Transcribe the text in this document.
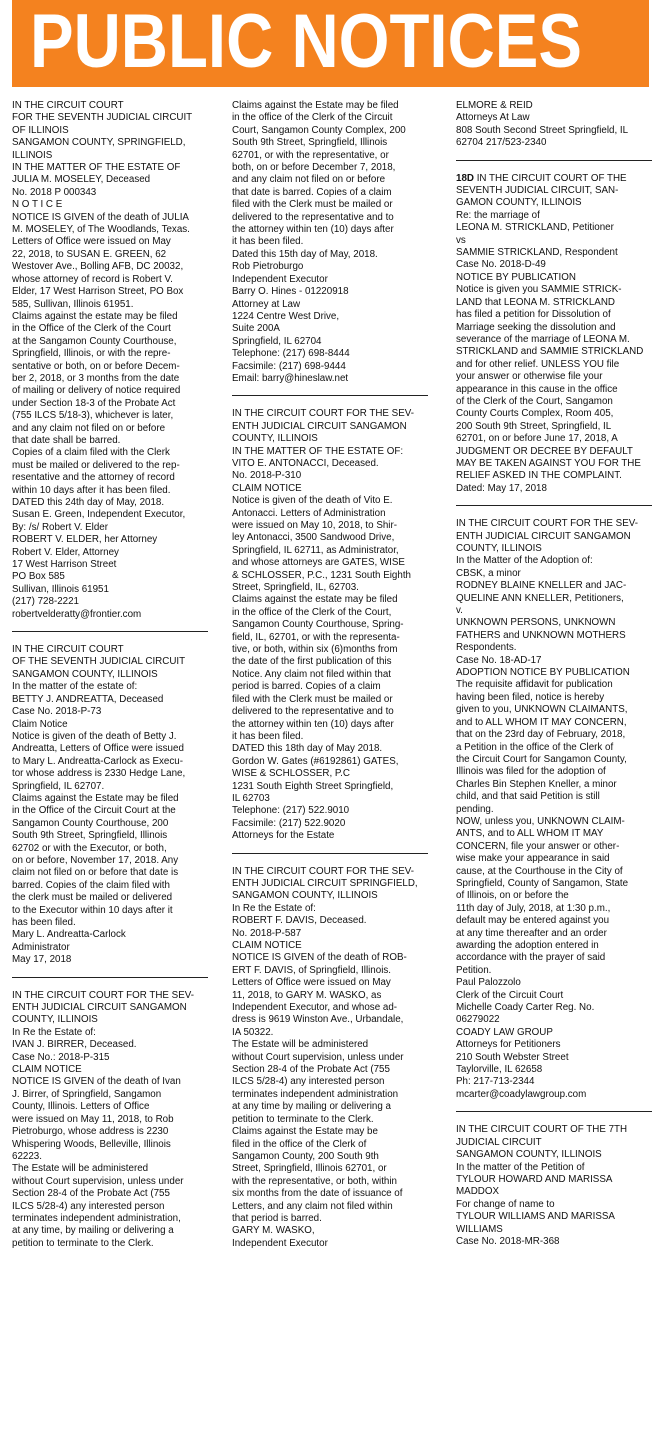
PUBLIC NOTICES
IN THE CIRCUIT COURT
FOR THE SEVENTH JUDICIAL CIRCUIT
OF ILLINOIS
SANGAMON COUNTY, SPRINGFIELD,
ILLINOIS
IN THE MATTER OF THE ESTATE OF
JULIA M. MOSELEY, Deceased
No. 2018 P 000343
N O T I C E
NOTICE IS GIVEN of the death of JULIA
M. MOSELEY, of The Woodlands, Texas.
Letters of Office were issued on May
22, 2018, to SUSAN E. GREEN, 62
Westover Ave., Bolling AFB, DC 20032,
whose attorney of record is Robert V.
Elder, 17 West Harrison Street, PO Box
585, Sullivan, Illinois 61951.
Claims against the estate may be filed
in the Office of the Clerk of the Court
at the Sangamon County Courthouse,
Springfield, Illinois, or with the repre-
sentative or both, on or before Decem-
ber 2, 2018, or 3 months from the date
of mailing or delivery of notice required
under Section 18-3 of the Probate Act
(755 ILCS 5/18-3), whichever is later,
and any claim not filed on or before
that date shall be barred.
Copies of a claim filed with the Clerk
must be mailed or delivered to the rep-
resentative and the attorney of record
within 10 days after it has been filed.
DATED this 24th day of May, 2018.
Susan E. Green, Independent Executor,
By: /s/ Robert V. Elder
ROBERT V. ELDER, her Attorney
Robert V. Elder, Attorney
17 West Harrison Street
PO Box 585
Sullivan, Illinois 61951
(217) 728-2221
robertvelderatty@frontier.com
IN THE CIRCUIT COURT
OF THE SEVENTH JUDICIAL CIRCUIT
SANGAMON COUNTY, ILLINOIS
In the matter of the estate of:
BETTY J. ANDREATTA, Deceased
Case No. 2018-P-73
Claim Notice
Notice is given of the death of Betty J.
Andreatta, Letters of Office were issued
to Mary L. Andreatta-Carlock as Execu-
tor whose address is 2330 Hedge Lane,
Springfield, IL 62707.
Claims against the Estate may be filed
in the Office of the Circuit Court at the
Sangamon County Courthouse, 200
South 9th Street, Springfield, Illinois
62702 or with the Executor, or both,
on or before, November 17, 2018. Any
claim not filed on or before that date is
barred. Copies of the claim filed with
the clerk must be mailed or delivered
to the Executor within 10 days after it
has been filed.
Mary L. Andreatta-Carlock
Administrator
May 17, 2018
IN THE CIRCUIT COURT FOR THE SEV-
ENTH JUDICIAL CIRCUIT SANGAMON
COUNTY, ILLINOIS
In Re the Estate of:
IVAN J. BIRRER, Deceased.
Case No.: 2018-P-315
CLAIM NOTICE
NOTICE IS GIVEN of the death of Ivan
J. Birrer, of Springfield, Sangamon
County, Illinois. Letters of Office
were issued on May 11, 2018, to Rob
Pietroburgo, whose address is 2230
Whispering Woods, Belleville, Illinois
62223.
The Estate will be administered
without Court supervision, unless under
Section 28-4 of the Probate Act (755
ILCS 5/28-4) any interested person
terminates independent administration,
at any time, by mailing or delivering a
petition to terminate to the Clerk.
Claims against the Estate may be filed
in the office of the Clerk of the Circuit
Court, Sangamon County Complex, 200
South 9th Street, Springfield, Illinois
62701, or with the representative, or
both, on or before December 7, 2018,
and any claim not filed on or before
that date is barred. Copies of a claim
filed with the Clerk must be mailed or
delivered to the representative and to
the attorney within ten (10) days after
it has been filed.
Dated this 15th day of May, 2018.
Rob Pietroburgo
Independent Executor
Barry O. Hines - 01220918
Attorney at Law
1224 Centre West Drive,
Suite 200A
Springfield, IL 62704
Telephone: (217) 698-8444
Facsimile: (217) 698-9444
Email: barry@hineslaw.net
IN THE CIRCUIT COURT FOR THE SEV-
ENTH JUDICIAL CIRCUIT SANGAMON
COUNTY, ILLINOIS
IN THE MATTER OF THE ESTATE OF:
VITO E. ANTONACCI, Deceased.
No. 2018-P-310
CLAIM NOTICE
Notice is given of the death of Vito E.
Antonacci. Letters of Administration
were issued on May 10, 2018, to Shir-
ley Antonacci, 3500 Sandwood Drive,
Springfield, IL 62711, as Administrator,
and whose attorneys are GATES, WISE
& SCHLOSSER, P.C., 1231 South Eighth
Street, Springfield, IL, 62703.
Claims against the estate may be filed
in the office of the Clerk of the Court,
Sangamon County Courthouse, Spring-
field, IL, 62701, or with the representa-
tive, or both, within six (6)months from
the date of the first publication of this
Notice. Any claim not filed within that
period is barred. Copies of a claim
filed with the Clerk must be mailed or
delivered to the representative and to
the attorney within ten (10) days after
it has been filed.
DATED this 18th day of May 2018.
Gordon W. Gates (#6192861) GATES,
WISE & SCHLOSSER, P.C
1231 South Eighth Street Springfield,
IL 62703
Telephone: (217) 522.9010
Facsimile: (217) 522.9020
Attorneys for the Estate
IN THE CIRCUIT COURT FOR THE SEV-
ENTH JUDICIAL CIRCUIT SPRINGFIELD,
SANGAMON COUNTY, ILLINOIS
In Re the Estate of:
ROBERT F. DAVIS, Deceased.
No. 2018-P-587
CLAIM NOTICE
NOTICE IS GIVEN of the death of ROB-
ERT F. DAVIS, of Springfield, Illinois.
Letters of Office were issued on May
11, 2018, to GARY M. WASKO, as
Independent Executor, and whose ad-
dress is 9619 Winston Ave., Urbandale,
IA 50322.
The Estate will be administered
without Court supervision, unless under
Section 28-4 of the Probate Act (755
ILCS 5/28-4) any interested person
terminates independent administration
at any time by mailing or delivering a
petition to terminate to the Clerk.
Claims against the Estate may be
filed in the office of the Clerk of
Sangamon County, 200 South 9th
Street, Springfield, Illinois 62701, or
with the representative, or both, within
six months from the date of issuance of
Letters, and any claim not filed within
that period is barred.
GARY M. WASKO,
Independent Executor
ELMORE & REID
Attorneys At Law
808 South Second Street Springfield, IL
62704 217/523-2340
18D IN THE CIRCUIT COURT OF THE
SEVENTH JUDICIAL CIRCUIT, SAN-
GAMON COUNTY, ILLINOIS
Re: the marriage of
LEONA M. STRICKLAND, Petitioner
vs
SAMMIE STRICKLAND, Respondent
Case No. 2018-D-49
NOTICE BY PUBLICATION
Notice is given you SAMMIE STRICK-
LAND that LEONA M. STRICKLAND
has filed a petition for Dissolution of
Marriage seeking the dissolution and
severance of the marriage of LEONA M.
STRICKLAND and SAMMIE STRICKLAND
and for other relief. UNLESS YOU file
your answer or otherwise file your
appearance in this cause in the office
of the Clerk of the Court, Sangamon
County Courts Complex, Room 405,
200 South 9th Street, Springfield, IL
62701, on or before June 17, 2018, A
JUDGMENT OR DECREE BY DEFAULT
MAY BE TAKEN AGAINST YOU FOR THE
RELIEF ASKED IN THE COMPLAINT.
Dated: May 17, 2018
IN THE CIRCUIT COURT FOR THE SEV-
ENTH JUDICIAL CIRCUIT SANGAMON
COUNTY, ILLINOIS
In the Matter of the Adoption of:
CBSK, a minor
RODNEY BLAINE KNELLER and JAC-
QUELINE ANN KNELLER, Petitioners,
v.
UNKNOWN PERSONS, UNKNOWN
FATHERS and UNKNOWN MOTHERS
Respondents.
Case No. 18-AD-17
ADOPTION NOTICE BY PUBLICATION
The requisite affidavit for publication
having been filed, notice is hereby
given to you, UNKNOWN CLAIMANTS,
and to ALL WHOM IT MAY CONCERN,
that on the 23rd day of February, 2018,
a Petition in the office of the Clerk of
the Circuit Court for Sangamon County,
Illinois was filed for the adoption of
Charles Bin Stephen Kneller, a minor
child, and that said Petition is still
pending.
NOW, unless you, UNKNOWN CLAIM-
ANTS, and to ALL WHOM IT MAY
CONCERN, file your answer or other-
wise make your appearance in said
cause, at the Courthouse in the City of
Springfield, County of Sangamon, State
of Illinois, on or before the
11th day of July, 2018, at 1:30 p.m.,
default may be entered against you
at any time thereafter and an order
awarding the adoption entered in
accordance with the prayer of said
Petition.
Paul Palozzolo
Clerk of the Circuit Court
Michelle Coady Carter Reg. No.
06279022
COADY LAW GROUP
Attorneys for Petitioners
210 South Webster Street
Taylorville, IL 62658
Ph: 217-713-2344
mcarter@coadylawgroup.com
IN THE CIRCUIT COURT OF THE 7TH
JUDICIAL CIRCUIT
SANGAMON COUNTY, ILLINOIS
In the matter of the Petition of
TYLOUR HOWARD AND MARISSA
MADDOX
For change of name to
TYLOUR WILLIAMS AND MARISSA
WILLIAMS
Case No. 2018-MR-368
